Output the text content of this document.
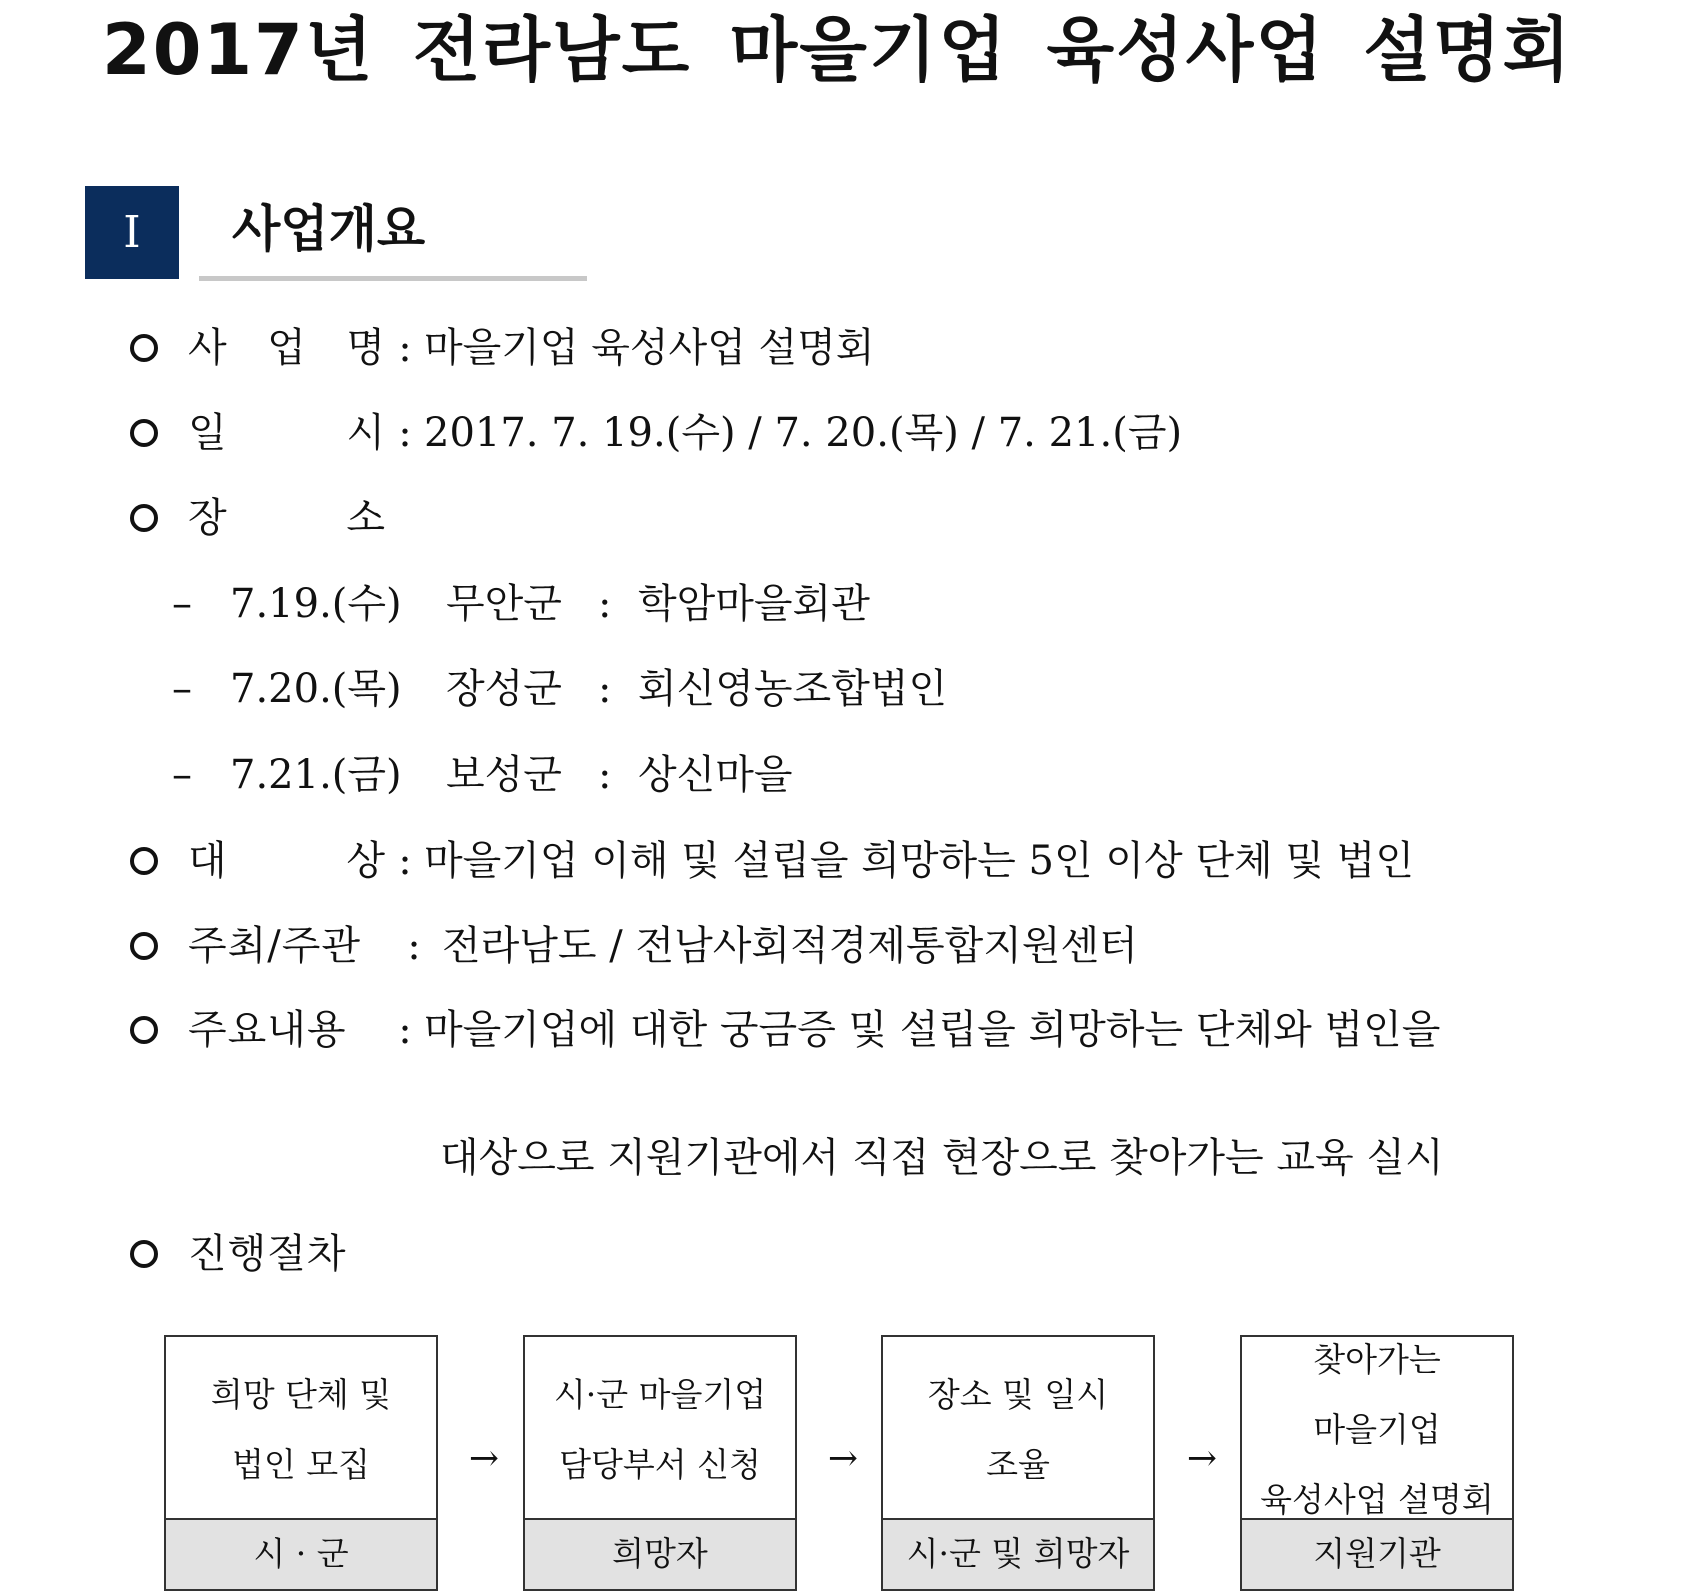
2017년 전라남도 마을기업 육성사업 설명회
I	사업개요
사 업 명 : 마을기업 육성사업 설명회
일	시 : 2017. 7. 19.(수) / 7. 20.(목) / 7. 21.(금)
장	소
– 7.19.(수) 무안군 : 학암마을회관
– 7.20.(목) 장성군 : 회신영농조합법인
– 7.21.(금) 보성군 : 상신마을
대	상 : 마을기업 이해 및 설립을 희망하는 5인 이상 단체 및 법인
주최/주관	: 전라남도 / 전남사회적경제통합지원센터
주요내용	: 마을기업에 대한 궁금증 및 설립을 희망하는 단체와 법인을
대상으로 지원기관에서 직접 현장으로 찾아가는 교육 실시
진행절차
희망 단체 및
법인 모집
시 · 군
→
시·군 마을기업
담당부서 신청
희망자
→
장소 및 일시
조율
시·군 및 희망자
→
찾아가는
마을기업
육성사업 설명회
지원기관
